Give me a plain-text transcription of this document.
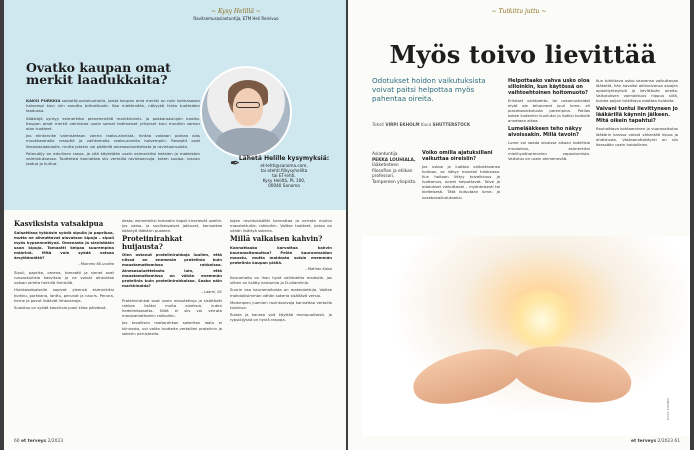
~ Kysy Helillä ~
Ravitsemusasiantuntija, ETM Heli Reinivuo
Ovatko kaupan omat merkit laadukkaita?

KAKSI PURKKIA salaattijuustokuutioita, joista kaupan oma merkki on noin kolmasosan halvempi kuin niin sanottu brändituote. Saa miettimään, näkyykö hinta tuotteiden laadussa.

Säästöjä syntyy esimerkiksi pienemmällä markkinointi- ja pakkauskulujen kautta. Kaupan omat merkit valmistaa usein samat kotimaiset yritykset kuin muutkin saman alan tuotteet.

Jos elintarvike valmistetaan vaeria raaka-aineista, hintaa voidaan painaa alas muokkaamalla reseptiä ja vaihtamalla raaka-ainetta halvempiin. Reseptit ovat likeasiasiakkaalle, mutta jotakin voi päätellä ainesosaluettelosta ja ravintoarvoista.

Palmuöljy on edullinen rasva, ja sitä käytetään usein esimerkiksi keksien ja makeisten valmistuksessa. Tuotteista kannattaa siis vertailla ravintoarvoja, kuten suolaa, rasvan laatua ja kuitua.	✒
Lähetä Helille kysymyksiä:
et-lehti@sanoma.com,
tai etehti.fi/kysyhelilta
tai ET-lehti,
Kysy Heliltä, PL 100,
00040 Sanoma
Kasviksista vatsakipua

Salaattissa tykkäsin syödä sipulia ja paprikaa, mutta ne aiheuttavat alavatsan kipuja – sipuli myös kypsennettynä. Omenasta ja sienistäkin saan kipuja. Tomaatti kelpaa suurempina määrinä. Mitä voin syödä vatsaa ärsyttämättä?

– Mummo 60-vuotta

Sipuli, paprika, omena, tomaatti ja sienet ovat runsaskuitisia kasviksia ja ne voivat aiheuttaa vatsan oireita herkillä ihmisillä.

Hiukkavatsaiselle sopivat yleensä esimerkiksi kurkku, porkkana, lanttu, perunat ja nauris. Peruna, herne ja pavut lisäävät ilmavaivoja.

Suositus on syödä kasviksia puoli kiloa päivässä.

desta, esimerkiksi tomaatin kapot kirvelevät useille. Jos vatsa- ja suolistovaivat jatkuvat, kannattaa kääntyä lääkärin puoleen.

Proteiinirahkat huijausta?

Olen ostanut proteiinirahkoja luullen, että niissä on enemmän proteiinia kuin maustamattomissa rahkoissa. Ainesosaluettelosta luin, että maustamattomissa on vähän enemmän proteiinia kuin proteiinirahkoissa. Saako näin markkinoida?

– Laarni, 61

Proteiinirahkat ovat usein maustettuja ja sisältävät rahkan lisäksi muita aineksia, kuten hedelmäsosetta. Niitä ei siis voi verrata maustamattomiin rahkoihin.

Jos tavallisen maitorahkan sokeriton laatu ei kiinnosta, voi valita tuotteita vertaillen proteiinin ja sokerin perusteella.

kojen ravintosisällöt kannattaa ja verrata muihin maustettuihin rahkoihin. Valitse tuotteet, joissa on vähän lisättyä sokeria.

Millä valkaisen kahvin?

Kannattaako korvattaa kahvin kauramaitomaitoa? Pelän kauranmaidon maustu, mutta maidosta saisin enemmän proteiinia kaupan piällä.

– Mathan Kaisa

Kauramaito on ihan hyvä vaihtoehto maidolle, jos siihen on lisätty kalsiumia ja D-vitamiinia.

Suurin osa kauramaitoista on makeutettuja. Valitse mahdollisimman vähän sokeria sisältävä versio.

Molempien juomien ravintoarvoja kannattaa vertailla toisiinsa.

Ruista ja kauraa voit käyttää monipuolisesti, ja rypsiöljyssä on hyviä rasvoja.

60 et terveys 2/2023
~ Tutkittu juttu ~
Myös toivo lievittää
Odotukset hoidon vaikutuksista voivat paitsi helpottaa myös pahentaa oireita.
Teksti VIRPI EKHOLM Kuva SHUTTERSTOCK
Asiantuntija
PEKKA LOUHIALA,
lääketieteen filosofian ja etiikan professori, Tampereen yliopisto.
Voiko omilla ajatuksillani vaikuttaa oireisiin?

Jos uskoo ja luottaa vaikuttavansa hoitoon, se näkyy monesti tuloksissa. Kun hoitoon liittyy toiveikkuus ja luottamus, oireet helpottavat. Toive ja odotukset vaikuttavat – myönteisesti tai kielteisesti. Tätä kutsutaan lume- ja nosebovaikutukseksi.

Helpottaako vahva usko oloa silloinkin, kun käytössä on vaihtoehtoinen hoitomuoto?

Erilaiset vaihtoehto- tai uskomushoidot eivät ole tehonneet juuri lume- eli placebovaikutusta parempina. Potilas kokee kuitenkin kuulluksi ja lisäksi hoidolle annetaan aikaa.

Lumelääkkeen teho näkyy aivoissakin. Millä tavoin?

Lume voi saada aivoissa aikaan todellisia muutoksia, esimerkiksi mielihyvähormonien vapautumista. Vaikutus on usein ohimenevää.

Kun tutkittava uskoi saavansa vaikuttavaa lääkettä, hän havaitsi aktivoivansa aivojen opioidiyhteyksiä ja lievittävän oireita. Vaikutuksen voimakkuus riippuu siitä, kuinka paljon tutkittava odottaa hoidolta.

Vaivani tuntui lievittyneen jo lääkärillä käynnin jälkeen. Mitä oikein tapahtui?

Rauhoittava kohtaaminen ja vuorovaikutus lääkärin kanssa voivat vähentää kipua ja ahdistusta. Vastaanottokäynti on siis itsessään usein hoidollinen.

KUVA: PIXABAY
et terveys 2/2023 61
